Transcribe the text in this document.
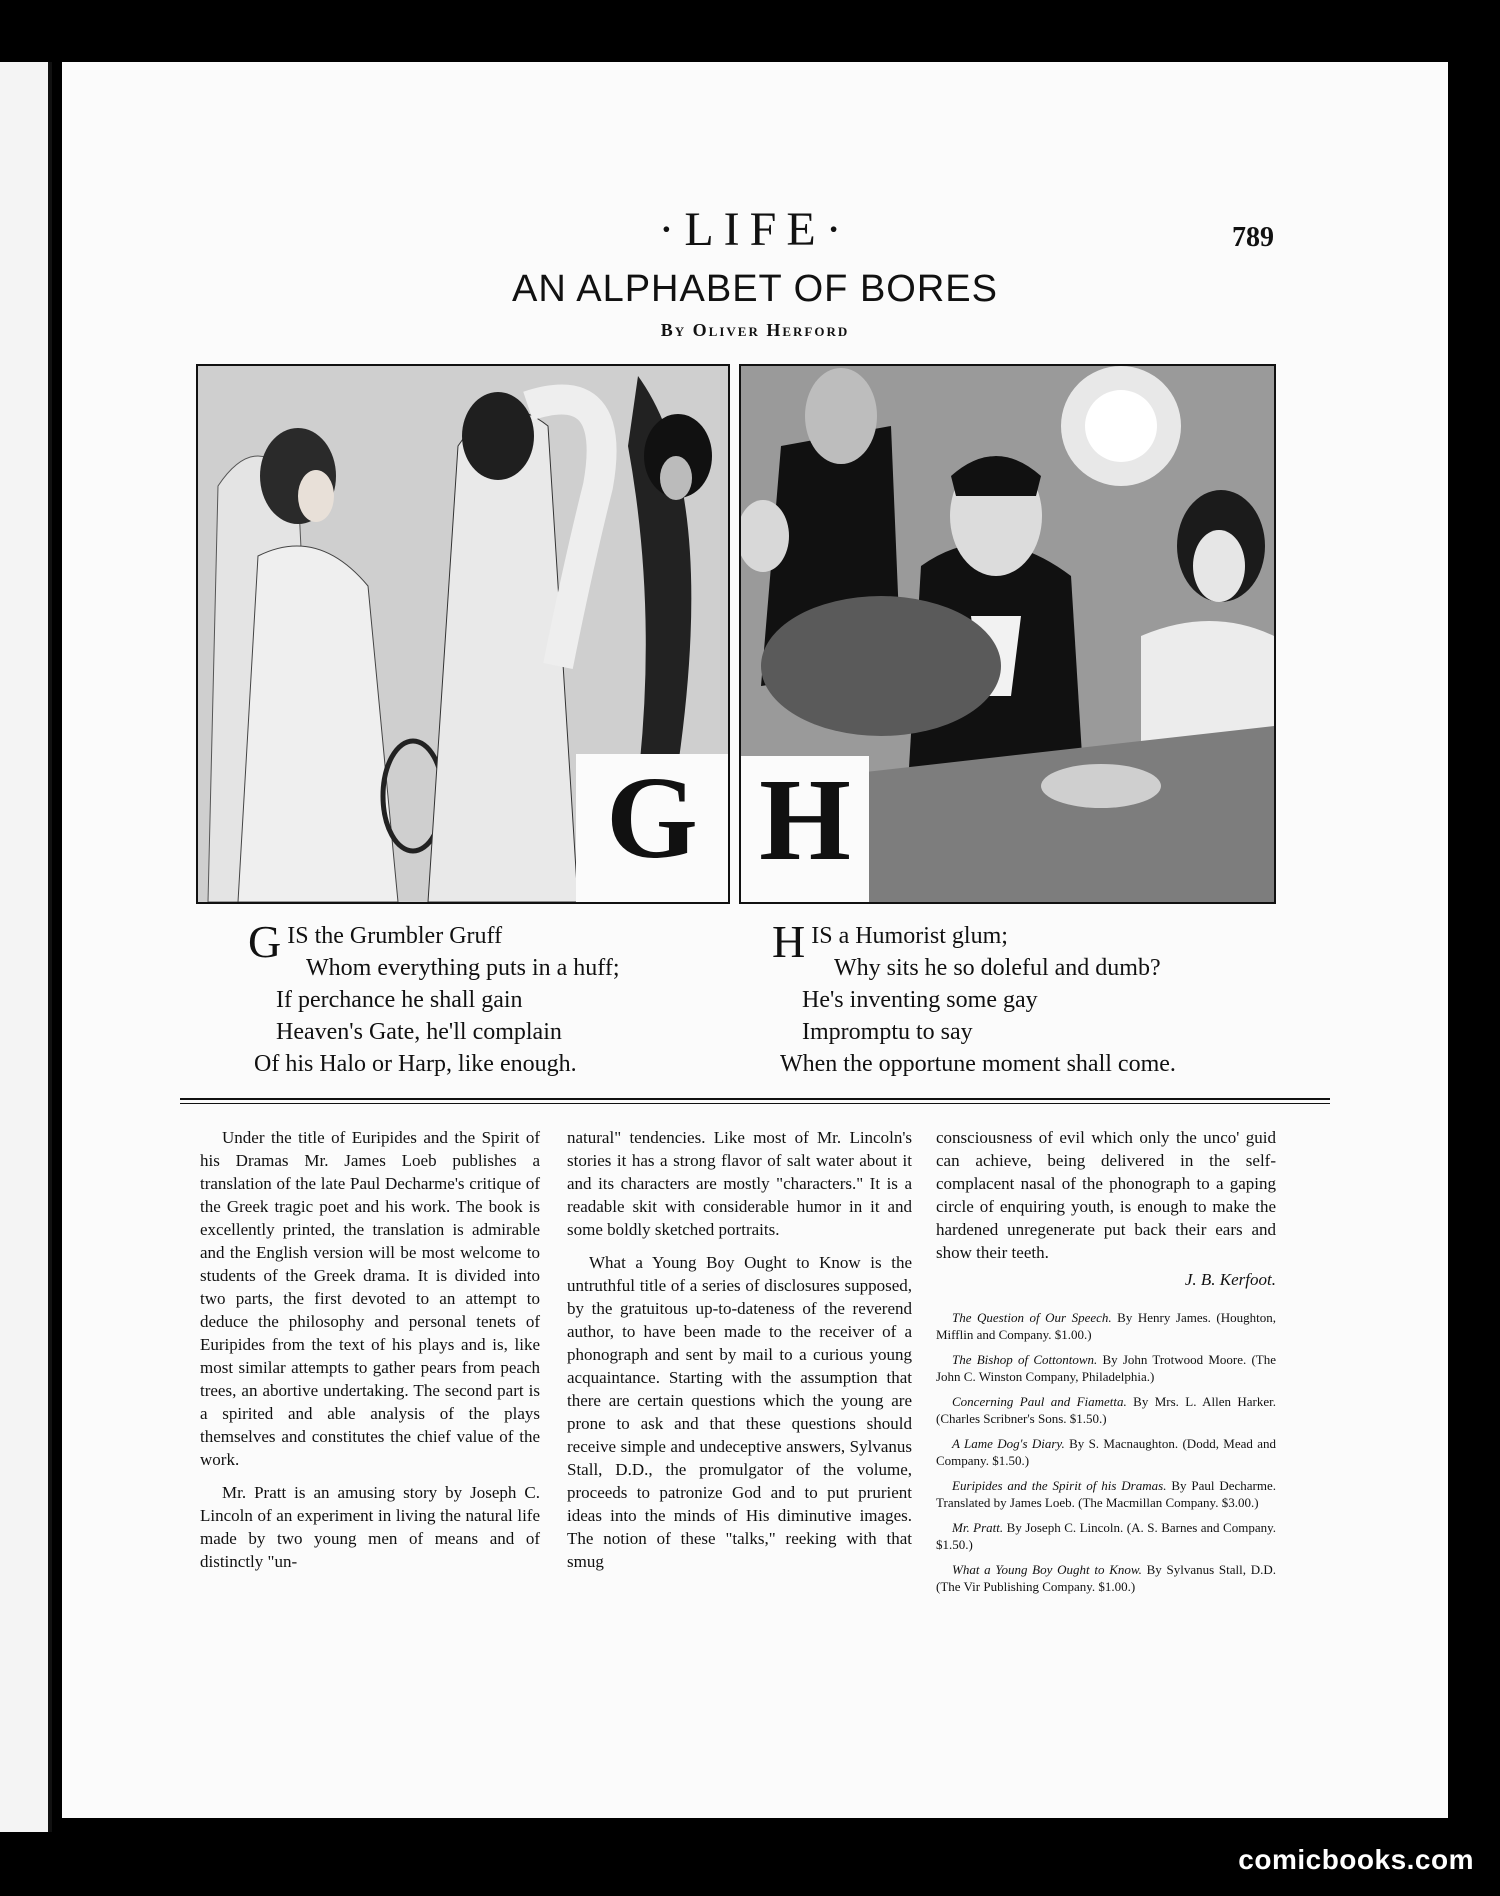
·LIFE·	789
AN ALPHABET OF BORES
By Oliver Herford
G H
G IS the Grumbler Gruff
Whom everything puts in a huff;
If perchance he shall gain
Heaven's Gate, he'll complain
Of his Halo or Harp, like enough.
H IS a Humorist glum;
Why sits he so doleful and dumb?
He's inventing some gay
Impromptu to say
When the opportune moment shall come.

Under the title of Euripides and the Spirit of his Dramas Mr. James Loeb publishes a translation of the late Paul Decharme's critique of the Greek tragic poet and his work. The book is excellently printed, the translation is admirable and the English version will be most welcome to students of the Greek drama. It is divided into two parts, the first devoted to an attempt to deduce the philosophy and personal tenets of Euripides from the text of his plays and is, like most similar attempts to gather pears from peach trees, an abortive undertaking. The second part is a spirited and able analysis of the plays themselves and constitutes the chief value of the work.

Mr. Pratt is an amusing story by Joseph C. Lincoln of an experiment in living the natural life made by two young men of means and of distinctly "un-

natural" tendencies. Like most of Mr. Lincoln's stories it has a strong flavor of salt water about it and its characters are mostly "characters." It is a readable skit with considerable humor in it and some boldly sketched portraits.

What a Young Boy Ought to Know is the untruthful title of a series of disclosures supposed, by the gratuitous up-to-dateness of the reverend author, to have been made to the receiver of a phonograph and sent by mail to a curious young acquaintance. Starting with the assumption that there are certain questions which the young are prone to ask and that these questions should receive simple and undeceptive answers, Sylvanus Stall, D.D., the promulgator of the volume, proceeds to patronize God and to put prurient ideas into the minds of His diminutive images. The notion of these "talks," reeking with that smug

consciousness of evil which only the unco' guid can achieve, being delivered in the self-complacent nasal of the phonograph to a gaping circle of enquiring youth, is enough to make the hardened unregenerate put back their ears and show their teeth.

J. B. Kerfoot.
The Question of Our Speech. By Henry James. (Houghton, Mifflin and Company. $1.00.)
The Bishop of Cottontown. By John Trotwood Moore. (The John C. Winston Company, Philadelphia.)
Concerning Paul and Fiametta. By Mrs. L. Allen Harker. (Charles Scribner's Sons. $1.50.)
A Lame Dog's Diary. By S. Macnaughton. (Dodd, Mead and Company. $1.50.)
Euripides and the Spirit of his Dramas. By Paul Decharme. Translated by James Loeb. (The Macmillan Company. $3.00.)
Mr. Pratt. By Joseph C. Lincoln. (A. S. Barnes and Company. $1.50.)
What a Young Boy Ought to Know. By Sylvanus Stall, D.D. (The Vir Publishing Company. $1.00.)
comicbooks.com
